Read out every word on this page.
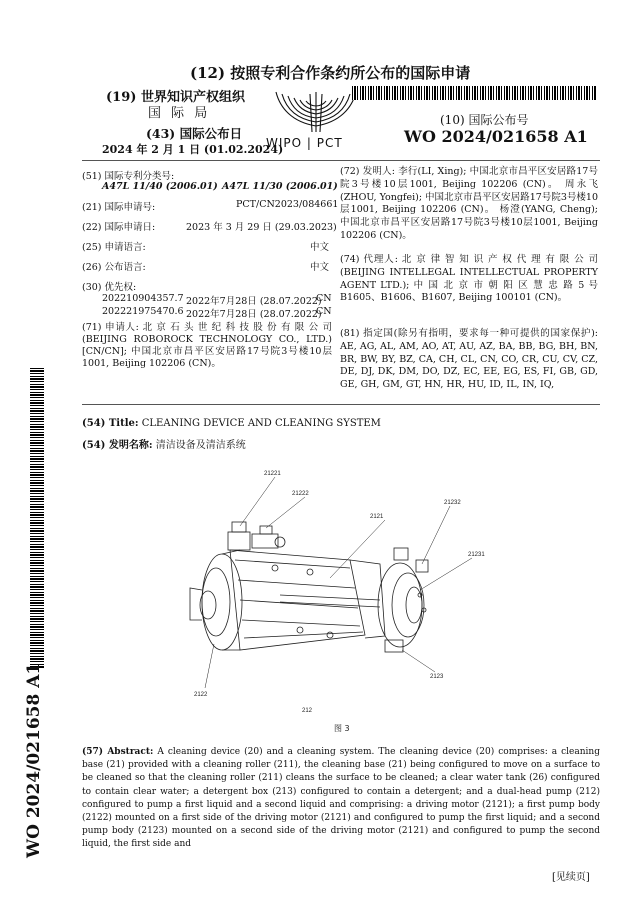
(12) 按照专利合作条约所公布的国际申请
(19) 世界知识产权组织
国 际 局
(43) 国际公布日
2024 年 2 月 1 日 (01.02.2024)
WIPO | PCT
(10) 国际公布号
WO 2024/021658 A1
(51) 国际专利分类号:
A47L 11/40 (2006.01) A47L 11/30 (2006.01)
(21) 国际申请号:	PCT/CN2023/084661
(22) 国际申请日:	2023 年 3 月 29 日 (29.03.2023)
(25) 申请语言:	中文
(26) 公布语言:	中文
(30) 优先权:
202210904357.7 2022年7月28日 (28.07.2022)
CN
202221975470.6 2022年7月28日 (28.07.2022)
CN
(71) 申请人: 北 京 石 头 世 纪 科 技 股 份 有 限 公 司 (BEIJING ROBOROCK TECHNOLOGY CO., LTD.) [CN/CN]; 中国北京市昌平区安居路17号院3号楼10层1001, Beijing 102206 (CN)。
(72) 发明人: 李行(LI, Xing); 中国北京市昌平区安居路17号院3号楼10层1001, Beijing 102206 (CN)。 周永飞(ZHOU, Yongfei); 中国北京市昌平区安居路17号院3号楼10层1001, Beijing 102206 (CN)。 杨澄(YANG, Cheng); 中国北京市昌平区安居路17号院3号楼10层1001, Beijing 102206 (CN)。
(74) 代理人: 北 京 律 智 知 识 产 权 代 理 有 限 公 司 (BEIJING INTELLEGAL INTELLECTUAL PROPERTY AGENT LTD.); 中 国 北 京 市 朝 阳 区 慧 忠 路 5 号 B1605、B1606、B1607, Beijing 100101 (CN)。
(81) 指定国(除另有指明，要求每一种可提供的国家保护): AE, AG, AL, AM, AO, AT, AU, AZ, BA, BB, BG, BH, BN, BR, BW, BY, BZ, CA, CH, CL, CN, CO, CR, CU, CV, CZ, DE, DJ, DK, DM, DO, DZ, EC, EE, EG, ES, FI, GB, GD, GE, GH, GM, GT, HN, HR, HU, ID, IL, IN, IQ,
WO 2024/021658 A1
(54) Title: CLEANING DEVICE AND CLEANING SYSTEM
(54) 发明名称: 清洁设备及清洁系统
21221
21222
2121
21232
21231
2122
2123
212
图 3
(57) Abstract: A cleaning device (20) and a cleaning system. The cleaning device (20) comprises: a cleaning base (21) provided with a cleaning roller (211), the cleaning base (21) being configured to move on a surface to be cleaned so that the cleaning roller (211) cleans the surface to be cleaned; a clear water tank (26) configured to contain clear water; a detergent box (213) configured to contain a detergent; and a dual-head pump (212) configured to pump a first liquid and a second liquid and comprising: a driving motor (2121); a first pump body (2122) mounted on a first side of the driving motor (2121) and configured to pump the first liquid; and a second pump body (2123) mounted on a second side of the driving motor (2121) and configured to pump the second liquid, the first side and
[见续页]
